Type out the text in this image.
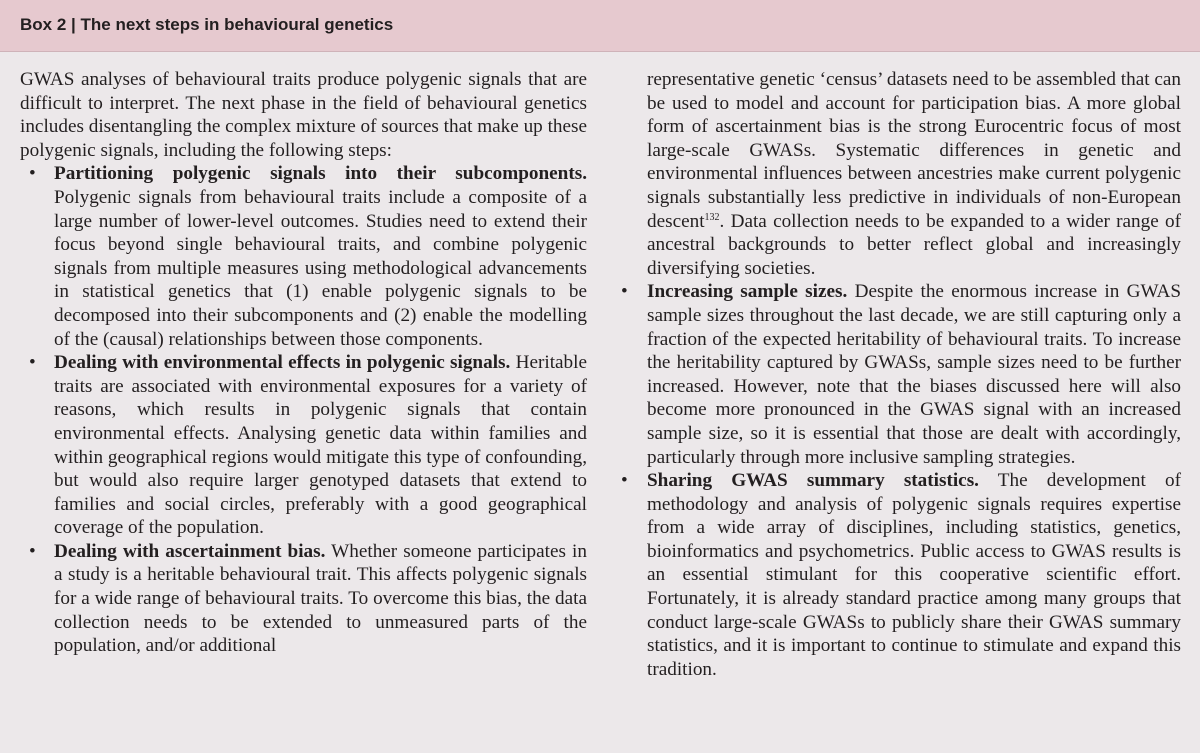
Box 2 | The next steps in behavioural genetics

GWAS analyses of behavioural traits produce polygenic signals that are difficult to interpret. The next phase in the field of behavioural genetics includes disentangling the complex mixture of sources that make up these polygenic signals, including the following steps:

• Partitioning polygenic signals into their subcomponents. Polygenic signals from behavioural traits include a composite of a large number of lower-level outcomes. Studies need to extend their focus beyond single behavioural traits, and combine polygenic signals from multiple measures using methodological advancements in statistical genetics that (1) enable polygenic signals to be decomposed into their subcomponents and (2) enable the modelling of the (causal) relationships between those components.
• Dealing with environmental effects in polygenic signals. Heritable traits are associated with environmental exposures for a variety of reasons, which results in polygenic signals that contain environmental effects. Analysing genetic data within families and within geographical regions would mitigate this type of confounding, but would also require larger genotyped datasets that extend to families and social circles, preferably with a good geographical coverage of the population.
• Dealing with ascertainment bias. Whether someone participates in a study is a heritable behavioural trait. This affects polygenic signals for a wide range of behavioural traits. To overcome this bias, the data collection needs to be extended to unmeasured parts of the population, and/or additional

representative genetic ‘census’ datasets need to be assembled that can be used to model and account for participation bias. A more global form of ascertainment bias is the strong Eurocentric focus of most large-scale GWASs. Systematic differences in genetic and environmental influences between ancestries make current polygenic signals substantially less predictive in individuals of non-European descent$^{132}$. Data collection needs to be expanded to a wider range of ancestral backgrounds to better reflect global and increasingly diversifying societies.

• Increasing sample sizes. Despite the enormous increase in GWAS sample sizes throughout the last decade, we are still capturing only a fraction of the expected heritability of behavioural traits. To increase the heritability captured by GWASs, sample sizes need to be further increased. However, note that the biases discussed here will also become more pronounced in the GWAS signal with an increased sample size, so it is essential that those are dealt with accordingly, particularly through more inclusive sampling strategies.
• Sharing GWAS summary statistics. The development of methodology and analysis of polygenic signals requires expertise from a wide array of disciplines, including statistics, genetics, bioinformatics and psychometrics. Public access to GWAS results is an essential stimulant for this cooperative scientific effort. Fortunately, it is already standard practice among many groups that conduct large-scale GWASs to publicly share their GWAS summary statistics, and it is important to continue to stimulate and expand this tradition.
